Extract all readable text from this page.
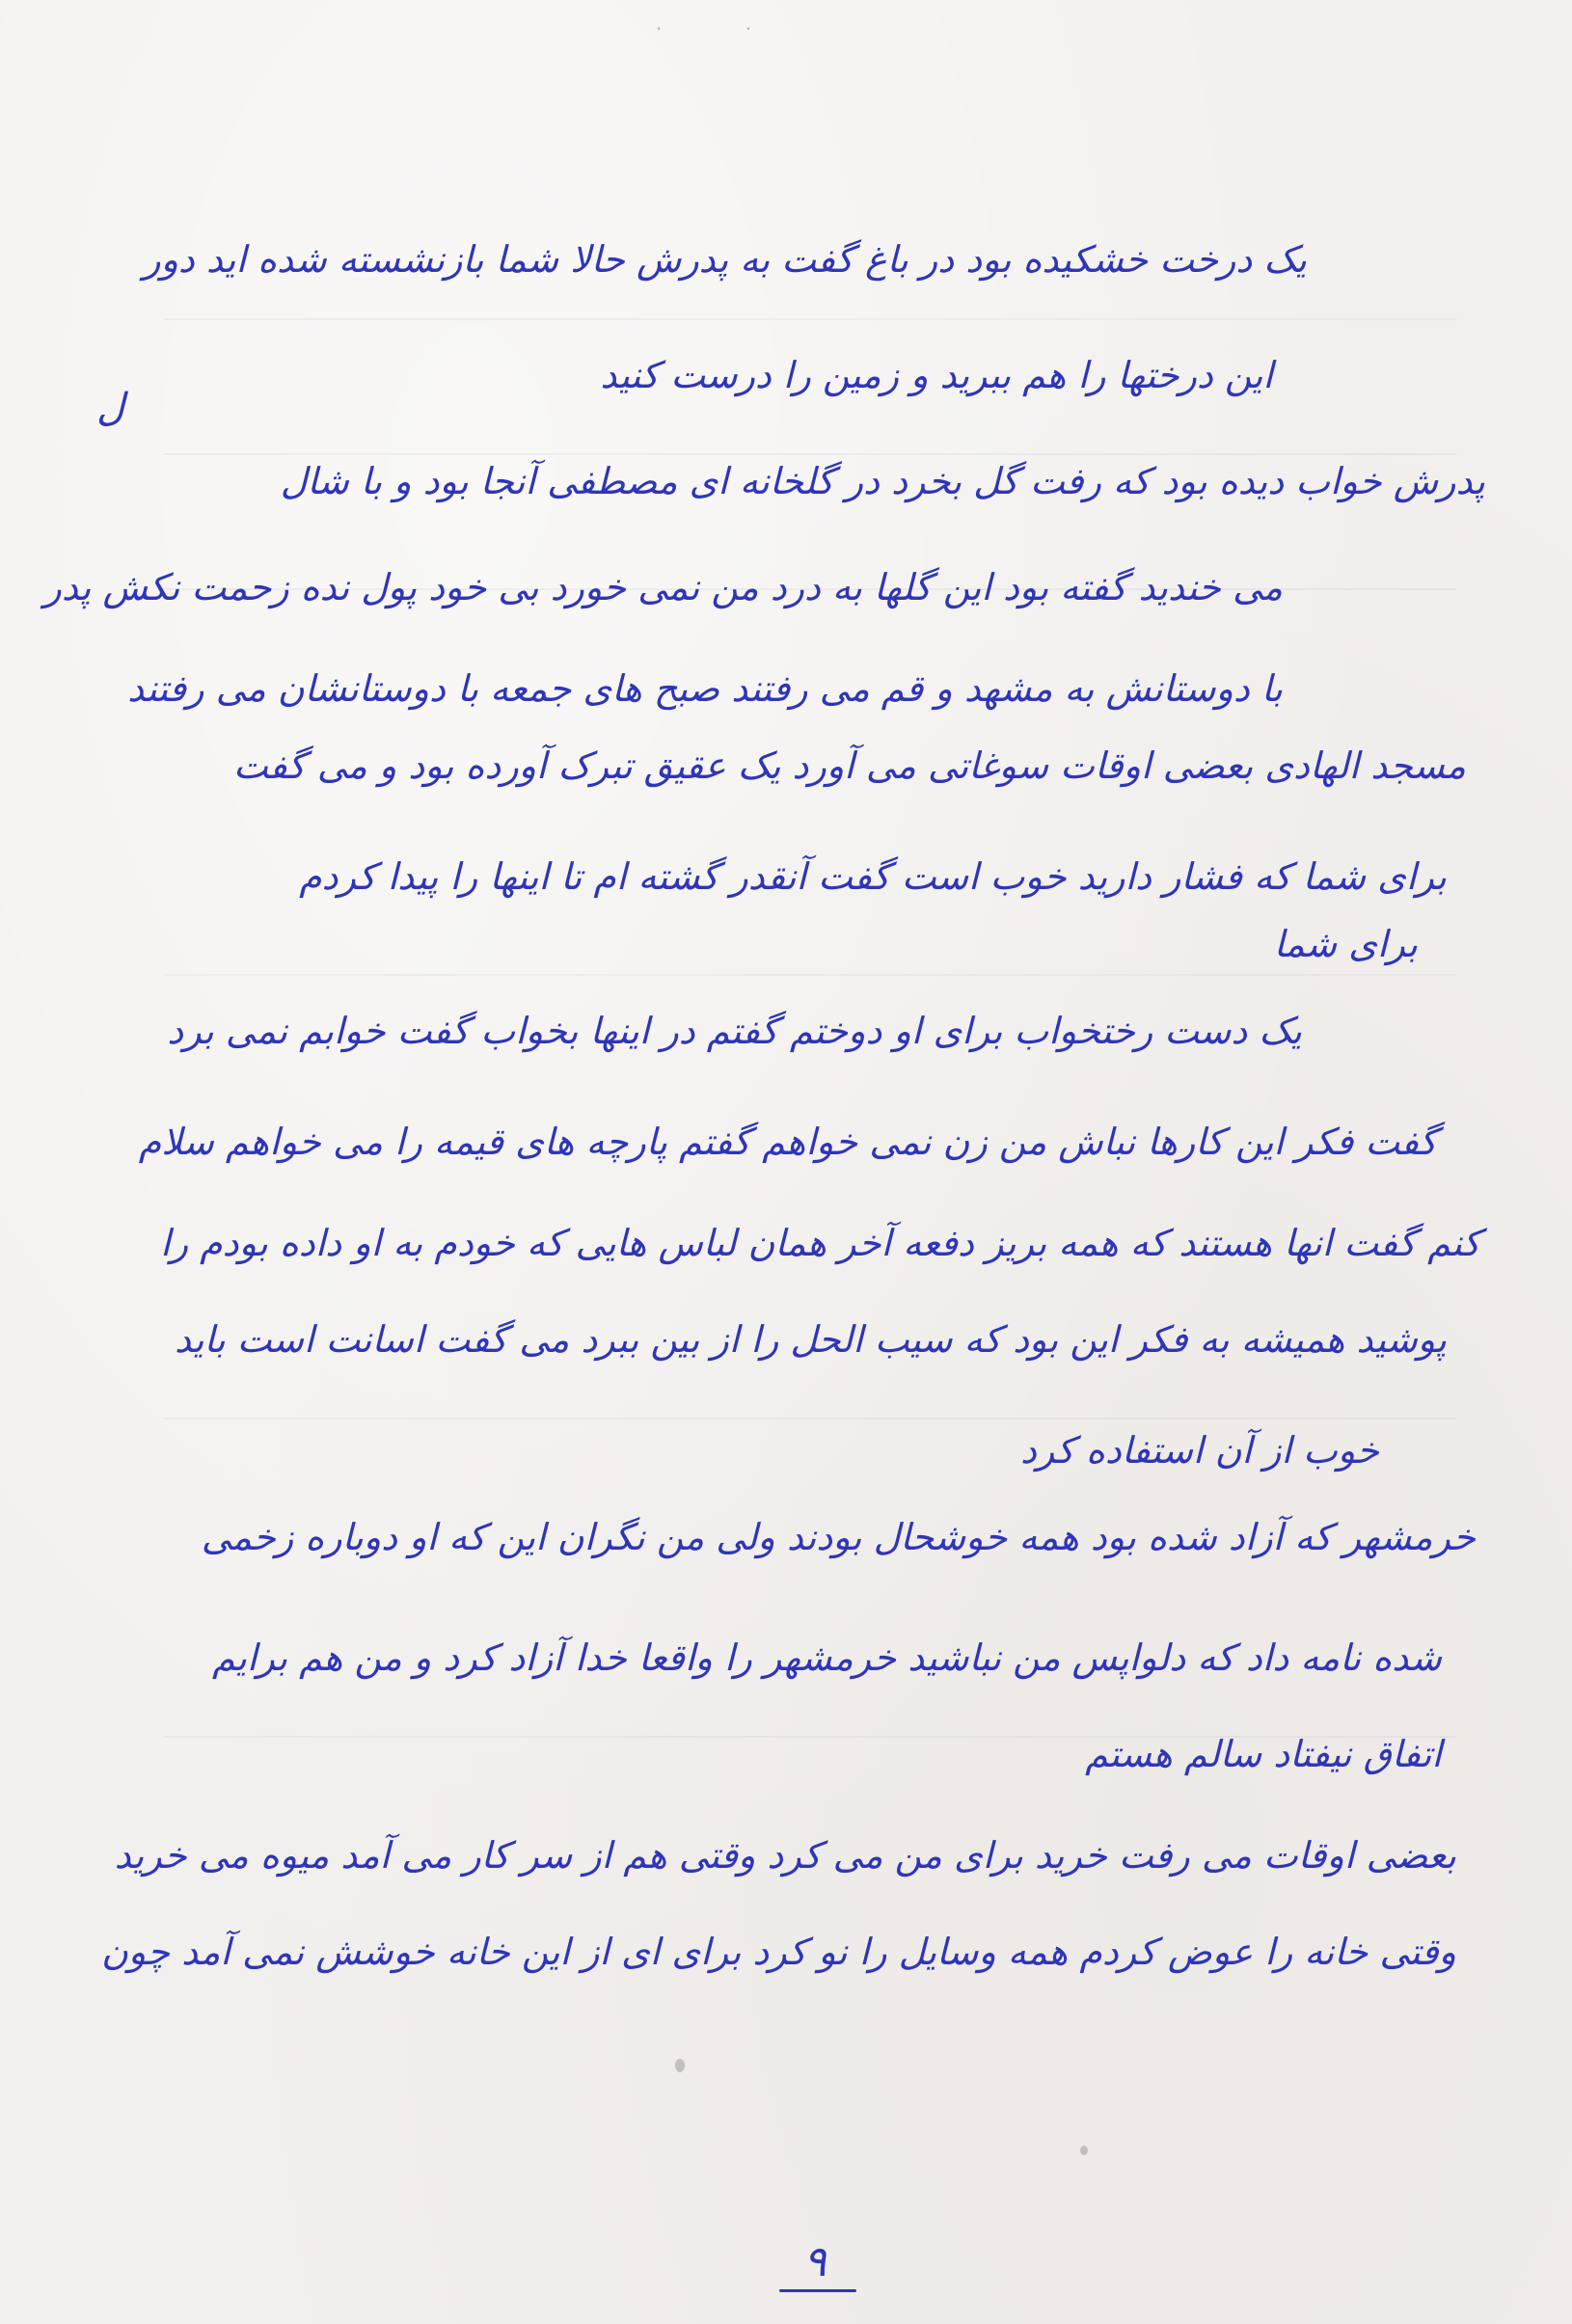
· ·
یک درخت خشکیده بود در باغ گفت به پدرش حالا شما بازنشسته شده اید دور
این درختها را هم ببرید و زمین را درست کنید
پدرش خواب دیده بود که رفت گل بخرد در گلخانه ای مصطفی آنجا بود و با شال
می خندید گفته بود این گلها به درد من نمی خورد بی خود پول نده زحمت نکش پدر
با دوستانش به مشهد و قم می رفتند صبح های جمعه با دوستانشان می رفتند
مسجد الهادی بعضی اوقات سوغاتی می آورد یک عقیق تبرک آورده بود و می گفت
برای شما که فشار دارید خوب است گفت آنقدر گشته ام تا اینها را پیدا کردم
برای شما
یک دست رختخواب برای او دوختم گفتم در اینها بخواب گفت خوابم نمی برد
گفت فکر این کارها نباش من زن نمی خواهم گفتم پارچه های قیمه را می خواهم سلام
کنم گفت انها هستند که همه بریز دفعه آخر همان لباس هایی که خودم به او داده بودم را
پوشید همیشه به فکر این بود که سیب الحل را از بین ببرد می گفت اسانت است باید
خوب از آن استفاده کرد
خرمشهر که آزاد شده بود همه خوشحال بودند ولی من نگران این که او دوباره زخمی
شده نامه داد که دلواپس من نباشید خرمشهر را واقعا خدا آزاد کرد و من هم برایم
اتفاق نیفتاد سالم هستم
بعضی اوقات می رفت خرید برای من می کرد وقتی هم از سر کار می آمد میوه می خرید
وقتی خانه را عوض کردم همه وسایل را نو کرد برای ای از این خانه خوشش نمی آمد چون
ل
۹
